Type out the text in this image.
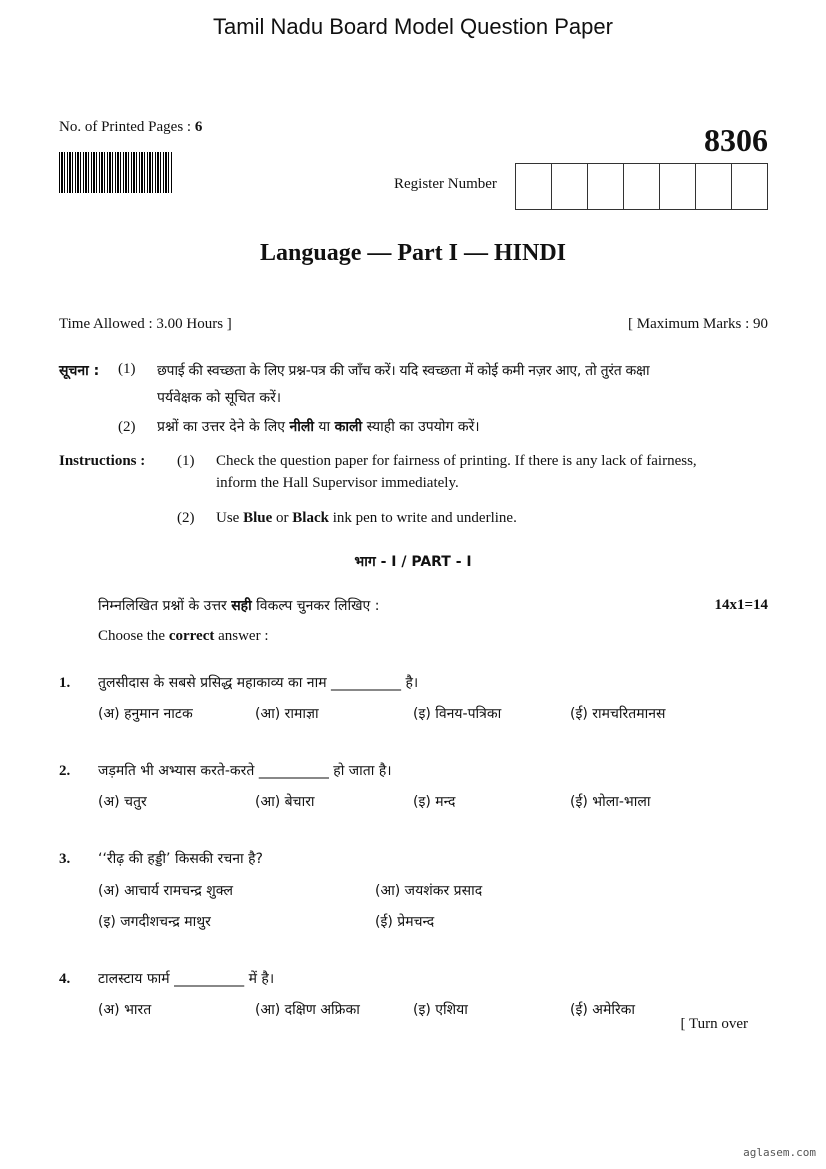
Tamil Nadu Board Model Question Paper
No. of Printed Pages : 6	8306
Register Number
Language — Part I — HINDI
Time Allowed : 3.00 Hours ]	[ Maximum Marks : 90
सूचना : (1) छपाई की स्वच्छता के लिए प्रश्न-पत्र की जाँच करें। यदि स्वच्छता में कोई कमी नज़र आए, तो तुरंत कक्षा
पर्यवेक्षक को सूचित करें।
(2) प्रश्नों का उत्तर देने के लिए नीली या काली स्याही का उपयोग करें।
Instructions : (1) Check the question paper for fairness of printing. If there is any lack of fairness,
inform the Hall Supervisor immediately.
(2) Use Blue or Black ink pen to write and underline.
भाग - I / PART - I
निम्नलिखित प्रश्नों के उत्तर सही विकल्प चुनकर लिखिए :	14x1=14
Choose the correct answer :
1. तुलसीदास के सबसे प्रसिद्ध महाकाव्य का नाम __________ है।
(अ) हनुमान नाटक	(आ) रामाज्ञा	(इ) विनय-पत्रिका	(ई) रामचरितमानस
2. जड़मति भी अभ्यास करते-करते __________ हो जाता है।
(अ) चतुर	(आ) बेचारा	(इ) मन्द	(ई) भोला-भाला
3. ‘‘रीढ़ की हड्डी’ किसकी रचना है?
(अ) आचार्य रामचन्द्र शुक्ल	(आ) जयशंकर प्रसाद
(इ) जगदीशचन्द्र माथुर	(ई) प्रेमचन्द
4. टालस्टाय फार्म __________ में है।
(अ) भारत	(आ) दक्षिण अफ्रिका	(इ) एशिया	(ई) अमेरिका
[ Turn over
aglasem.com
